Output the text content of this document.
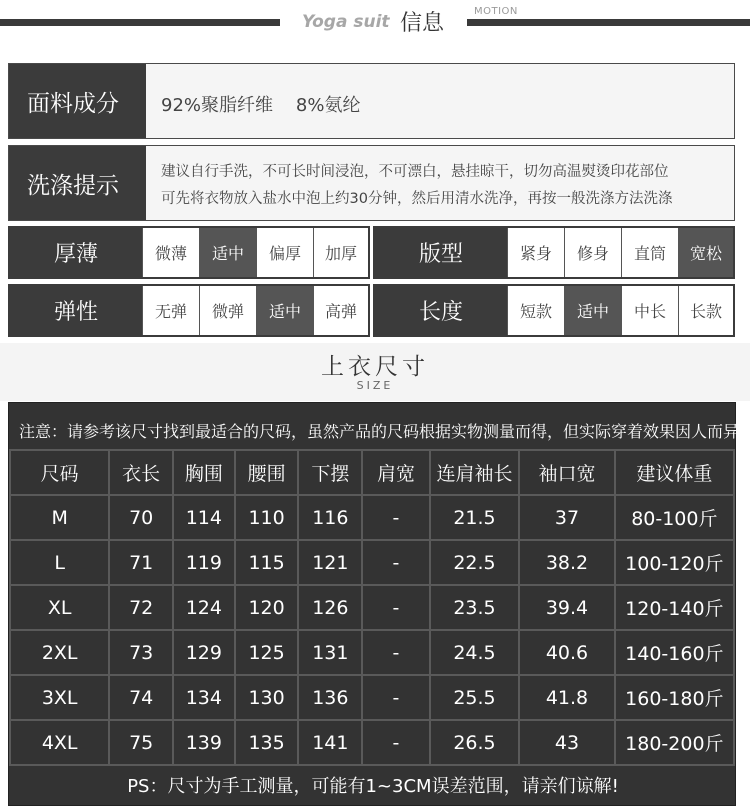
Yoga suit 信息	MOTION
面料成分	92%聚脂纤维    8%氨纶
洗涤提示
建议自行手洗，不可长时间浸泡，不可漂白，悬挂晾干，切勿高温熨烫印花部位
可先将衣物放入盐水中泡上约30分钟，然后用清水洗净，再按一般洗涤方法洗涤
厚薄	微薄	适中	偏厚	加厚	版型	紧身	修身	直筒	宽松
弹性	无弹	微弹	适中	高弹	长度	短款	适中	中长	长款
上衣尺寸
SIZE
注意：请参考该尺寸找到最适合的尺码，虽然产品的尺码根据实物测量而得，但实际穿着效果因人而异!
尺码	衣长	胸围	腰围	下摆	肩宽	连肩袖长	袖口宽	建议体重
M	70	114	110	116	-	21.5	37	80-100斤
L	71	119	115	121	-	22.5	38.2	100-120斤
XL	72	124	120	126	-	23.5	39.4	120-140斤
2XL	73	129	125	131	-	24.5	40.6	140-160斤
3XL	74	134	130	136	-	25.5	41.8	160-180斤
4XL	75	139	135	141	-	26.5	43	180-200斤
PS：尺寸为手工测量，可能有1~3CM误差范围，请亲们谅解!
